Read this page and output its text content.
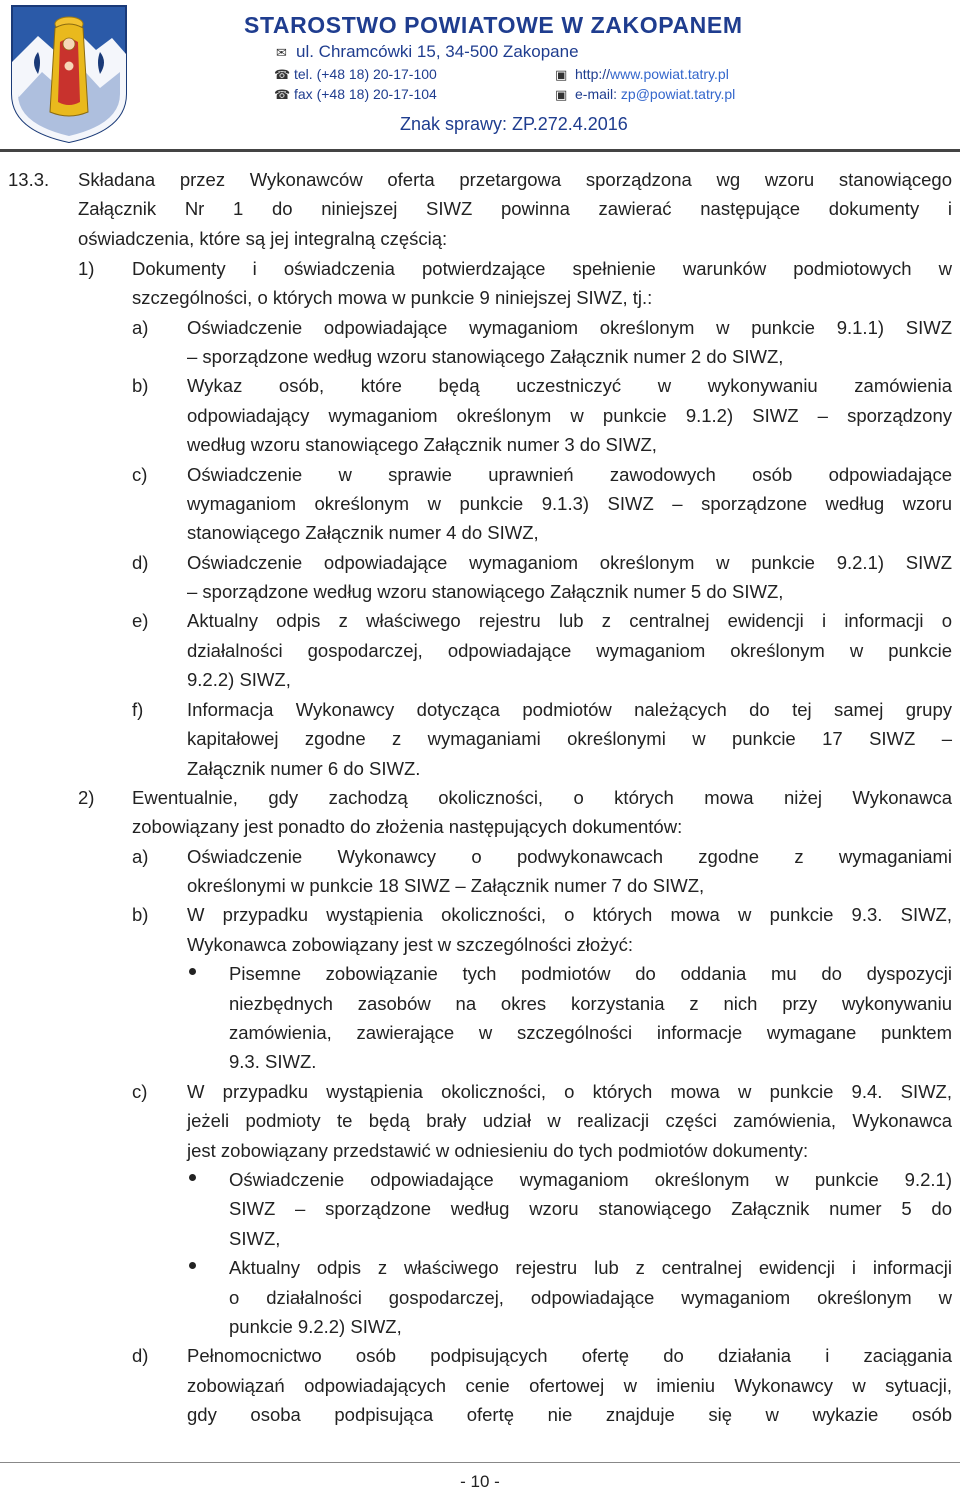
STAROSTWO POWIATOWE W ZAKOPANEM
✉ ul. Chramcówki 15, 34-500 Zakopane
☎ tel. (+48 18) 20-17-100
☎ fax (+48 18) 20-17-104
▣ http://www.powiat.tatry.pl
▣ e-mail: zp@powiat.tatry.pl
Znak sprawy: ZP.272.4.2016
13.3. Składana przez Wykonawców oferta przetargowa sporządzona wg wzoru stanowiącego
Załącznik Nr 1 do niniejszej SIWZ powinna zawierać następujące dokumenty i
oświadczenia, które są jej integralną częścią:
1) Dokumenty i oświadczenia potwierdzające spełnienie warunków podmiotowych w
szczególności, o których mowa w punkcie 9 niniejszej SIWZ, tj.:
a) Oświadczenie odpowiadające wymaganiom określonym w punkcie 9.1.1) SIWZ
– sporządzone według wzoru stanowiącego Załącznik numer 2 do SIWZ,
b) Wykaz osób, które będą uczestniczyć w wykonywaniu zamówienia
odpowiadający wymaganiom określonym w punkcie 9.1.2) SIWZ – sporządzony
według wzoru stanowiącego Załącznik numer 3 do SIWZ,
c) Oświadczenie w sprawie uprawnień zawodowych osób odpowiadające
wymaganiom określonym w punkcie 9.1.3) SIWZ – sporządzone według wzoru
stanowiącego Załącznik numer 4 do SIWZ,
d) Oświadczenie odpowiadające wymaganiom określonym w punkcie 9.2.1) SIWZ
– sporządzone według wzoru stanowiącego Załącznik numer 5 do SIWZ,
e) Aktualny odpis z właściwego rejestru lub z centralnej ewidencji i informacji o
działalności gospodarczej, odpowiadające wymaganiom określonym w punkcie
9.2.2) SIWZ,
f) Informacja Wykonawcy dotycząca podmiotów należących do tej samej grupy
kapitałowej zgodne z wymaganiami określonymi w punkcie 17 SIWZ –
Załącznik numer 6 do SIWZ.
2) Ewentualnie, gdy zachodzą okoliczności, o których mowa niżej Wykonawca
zobowiązany jest ponadto do złożenia następujących dokumentów:
a) Oświadczenie Wykonawcy o podwykonawcach zgodne z wymaganiami
określonymi w punkcie 18 SIWZ – Załącznik numer 7 do SIWZ,
b) W przypadku wystąpienia okoliczności, o których mowa w punkcie 9.3. SIWZ,
Wykonawca zobowiązany jest w szczególności złożyć:
Pisemne zobowiązanie tych podmiotów do oddania mu do dyspozycji
niezbędnych zasobów na okres korzystania z nich przy wykonywaniu
zamówienia, zawierające w szczególności informacje wymagane punktem
9.3. SIWZ.
c) W przypadku wystąpienia okoliczności, o których mowa w punkcie 9.4. SIWZ,
jeżeli podmioty te będą brały udział w realizacji części zamówienia, Wykonawca
jest zobowiązany przedstawić w odniesieniu do tych podmiotów dokumenty:
Oświadczenie odpowiadające wymaganiom określonym w punkcie 9.2.1)
SIWZ – sporządzone według wzoru stanowiącego Załącznik numer 5 do
SIWZ,
Aktualny odpis z właściwego rejestru lub z centralnej ewidencji i informacji
o działalności gospodarczej, odpowiadające wymaganiom określonym w
punkcie 9.2.2) SIWZ,
d) Pełnomocnictwo osób podpisujących ofertę do działania i zaciągania
zobowiązań odpowiadających cenie ofertowej w imieniu Wykonawcy w sytuacji,
gdy osoba podpisująca ofertę nie znajduje się w wykazie osób
- 10 -
